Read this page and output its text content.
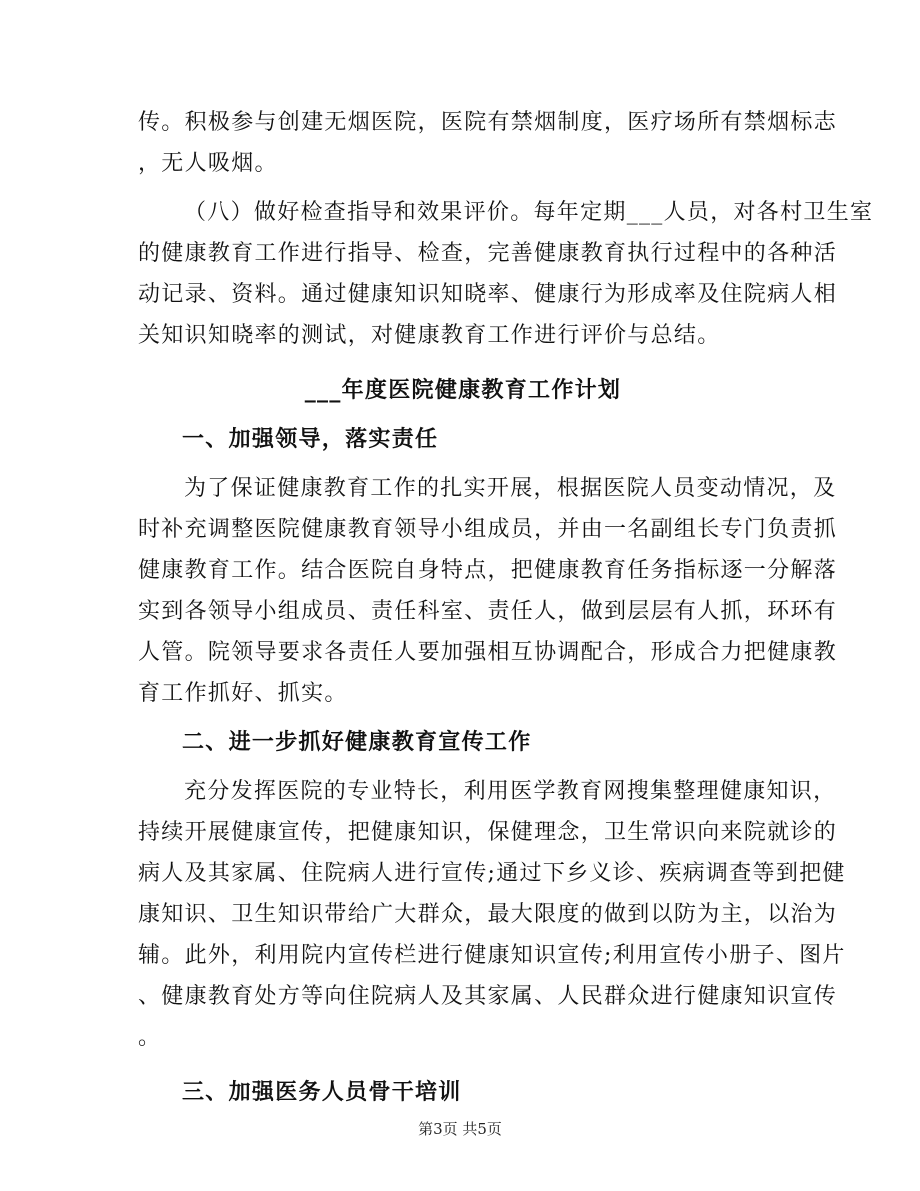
传。积极参与创建无烟医院，医院有禁烟制度，医疗场所有禁烟标志
，无人吸烟。
（八）做好检查指导和效果评价。每年定期___人员，对各村卫生室
的健康教育工作进行指导、检查，完善健康教育执行过程中的各种活
动记录、资料。通过健康知识知晓率、健康行为形成率及住院病人相
关知识知晓率的测试，对健康教育工作进行评价与总结。
___年度医院健康教育工作计划
一、加强领导，落实责任
为了保证健康教育工作的扎实开展，根据医院人员变动情况，及
时补充调整医院健康教育领导小组成员，并由一名副组长专门负责抓
健康教育工作。结合医院自身特点，把健康教育任务指标逐一分解落
实到各领导小组成员、责任科室、责任人，做到层层有人抓，环环有
人管。院领导要求各责任人要加强相互协调配合，形成合力把健康教
育工作抓好、抓实。
二、进一步抓好健康教育宣传工作
充分发挥医院的专业特长，利用医学教育网搜集整理健康知识，
持续开展健康宣传，把健康知识，保健理念，卫生常识向来院就诊的
病人及其家属、住院病人进行宣传;通过下乡义诊、疾病调查等到把健
康知识、卫生知识带给广大群众，最大限度的做到以防为主，以治为
辅。此外，利用院内宣传栏进行健康知识宣传;利用宣传小册子、图片
、健康教育处方等向住院病人及其家属、人民群众进行健康知识宣传
。
三、加强医务人员骨干培训
第3页 共5页
